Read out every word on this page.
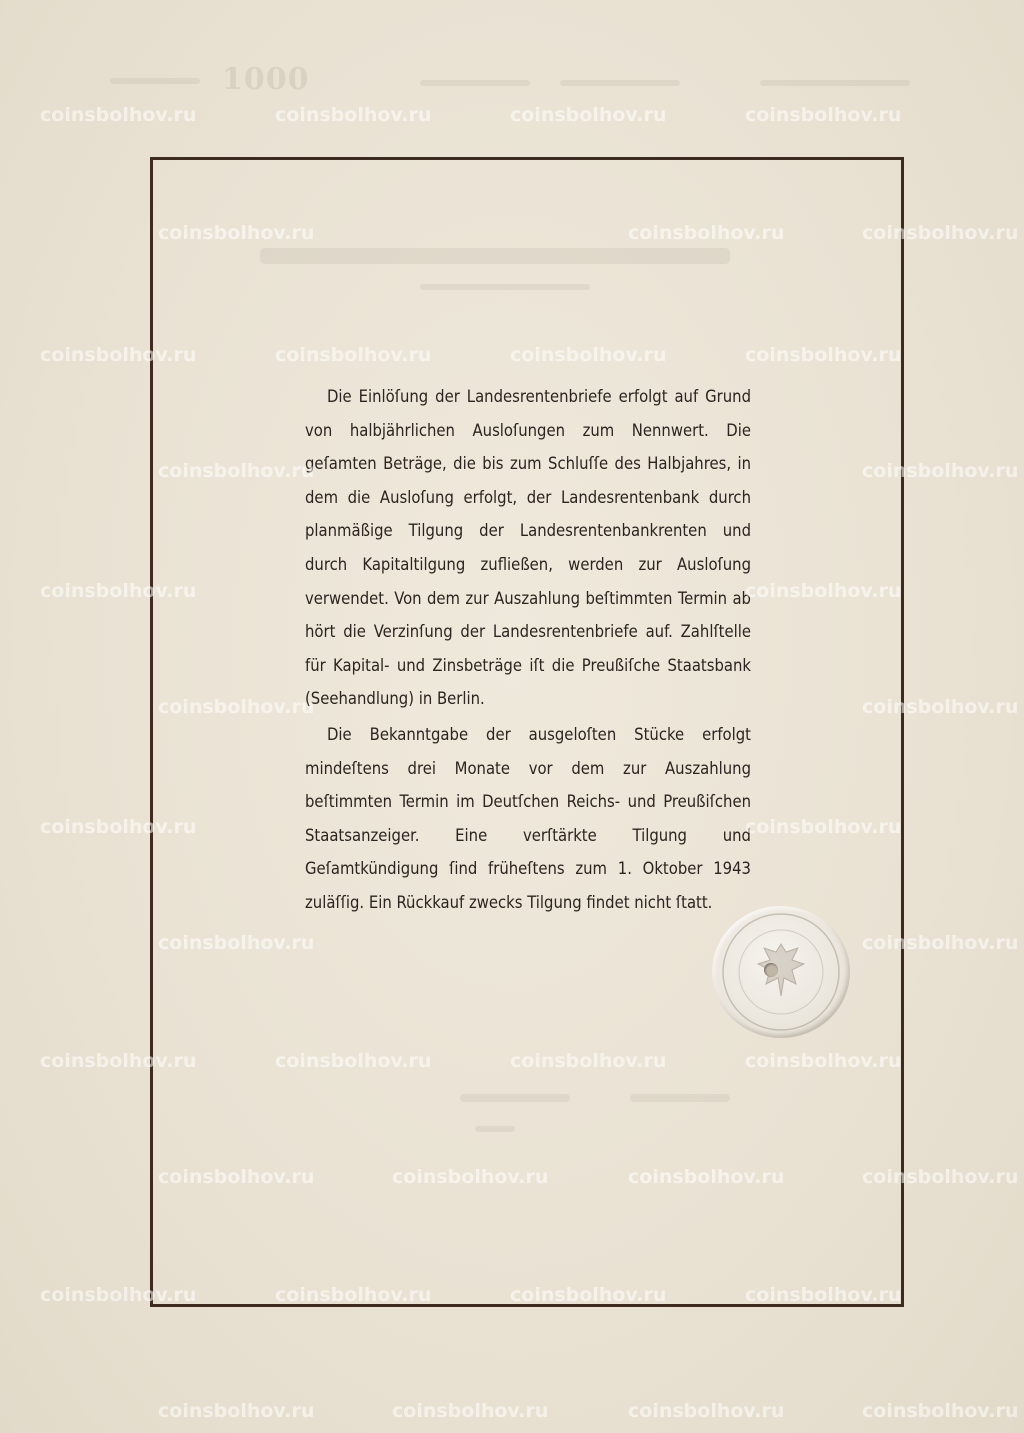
1000

Die Einlöſung der Landesrentenbriefe erfolgt auf Grund von halbjährlichen Ausloſungen zum Nennwert. Die geſamten Beträge, die bis zum Schluſſe des Halbjahres, in dem die Ausloſung erfolgt, der Landesrentenbank durch planmäßige Tilgung der Landesrentenbankrenten und durch Kapitaltilgung zufließen, werden zur Ausloſung verwendet. Von dem zur Auszahlung beſtimmten Termin ab hört die Verzinſung der Landesrentenbriefe auf. Zahlſtelle für Kapital- und Zinsbeträge iſt die Preußiſche Staatsbank (Seehandlung) in Berlin.

Die Bekanntgabe der ausgeloſten Stücke erfolgt mindeſtens drei Monate vor dem zur Auszahlung beſtimmten Termin im Deutſchen Reichs- und Preußiſchen Staatsanzeiger. Eine verſtärkte Tilgung und Geſamtkündigung ſind früheſtens zum 1. Oktober 1943 zuläſſig. Ein Rückkauf zwecks Tilgung findet nicht ſtatt.

coinsbolhov.ru	coinsbolhov.ru	coinsbolhov.ru	coinsbolhov.ru
coinsbolhov.ru	coinsbolhov.ru	coinsbolhov.ru
coinsbolhov.ru	coinsbolhov.ru	coinsbolhov.ru	coinsbolhov.ru
coinsbolhov.ru	coinsbolhov.ru
coinsbolhov.ru	coinsbolhov.ru
coinsbolhov.ru	coinsbolhov.ru
coinsbolhov.ru	coinsbolhov.ru
coinsbolhov.ru	coinsbolhov.ru
coinsbolhov.ru	coinsbolhov.ru	coinsbolhov.ru	coinsbolhov.ru
coinsbolhov.ru	coinsbolhov.ru	coinsbolhov.ru	coinsbolhov.ru
coinsbolhov.ru	coinsbolhov.ru	coinsbolhov.ru	coinsbolhov.ru
coinsbolhov.ru	coinsbolhov.ru	coinsbolhov.ru	coinsbolhov.ru
